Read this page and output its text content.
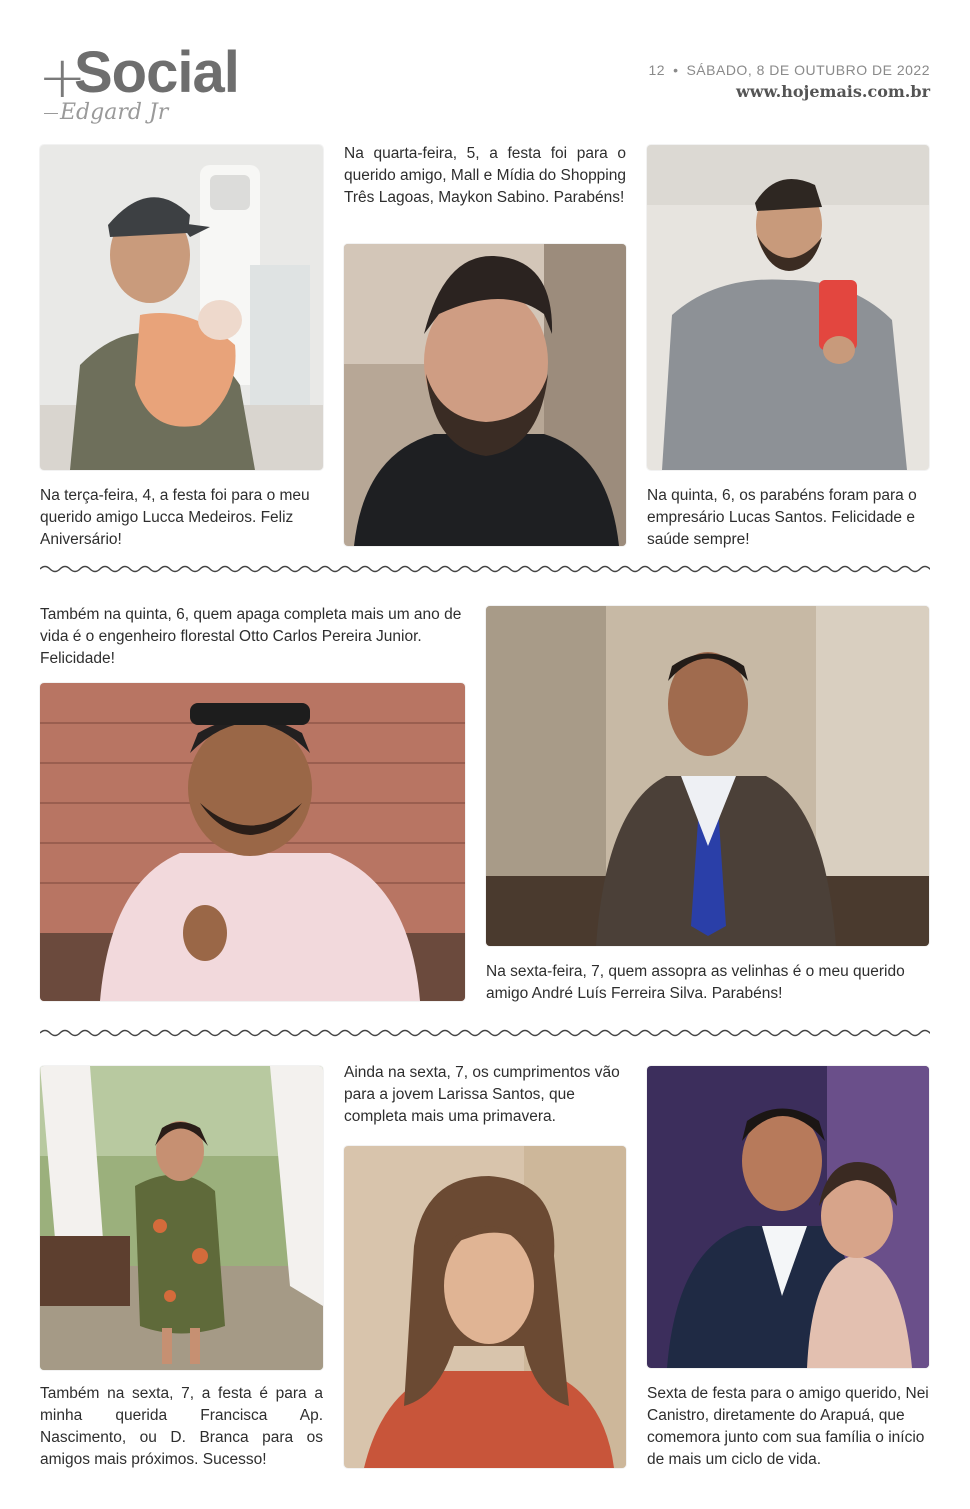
+
Social
Edgard Jr
12 • SÁBADO, 8 DE OUTUBRO DE 2022
www.hojemais.com.br
Na terça-feira, 4, a festa foi para o meu querido amigo Lucca Medeiros. Feliz Aniversário!
Na quarta-feira, 5, a festa foi para o querido amigo, Mall e Mídia do Shopping Três Lagoas, Maykon Sabino. Parabéns!
Na quinta, 6, os parabéns foram para o empresário Lucas Santos. Felicidade e saúde sempre!
Também na quinta, 6, quem apaga completa mais um ano de vida é o engenheiro florestal Otto Carlos Pereira Junior. Felicidade!
Na sexta-feira, 7, quem assopra as velinhas é o meu querido amigo André Luís Ferreira Silva. Parabéns!
Também na sexta, 7, a festa é para a minha querida Francisca Ap. Nascimento, ou D. Branca para os amigos mais próximos. Sucesso!
Ainda na sexta, 7, os cumprimentos vão para a jovem Larissa Santos, que completa mais uma primavera.
Sexta de festa para o amigo querido, Nei Canistro, diretamente do Arapuá, que comemora junto com sua família o início de mais um ciclo de vida.
